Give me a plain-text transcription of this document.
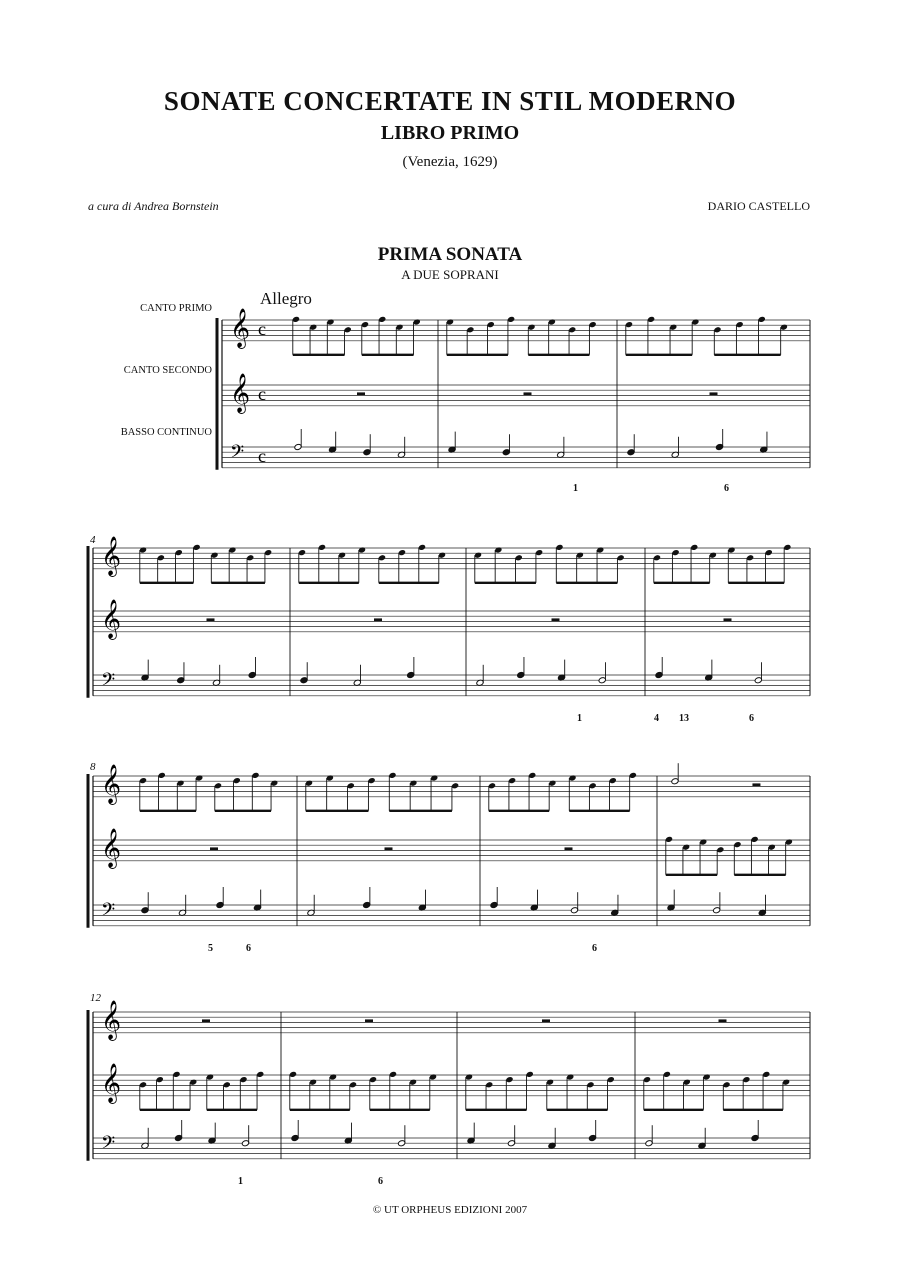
SONATE CONCERTATE IN STIL MODERNO
LIBRO PRIMO
(Venezia, 1629)
a cura di Andrea Bornstein	DARIO CASTELLO
PRIMA SONATA
A DUE SOPRANI
Allegro
CANTO PRIMO
CANTO SECONDO
BASSO CONTINUO
4
8
12
1	6
1	4 13	6
5	6	6
1	6
𝄞 c
𝄞 c
𝄢 c
𝄞
𝄞
𝄢
𝄞
𝄞
𝄢
𝄞
𝄞
𝄢
© UT ORPHEUS EDIZIONI 2007
